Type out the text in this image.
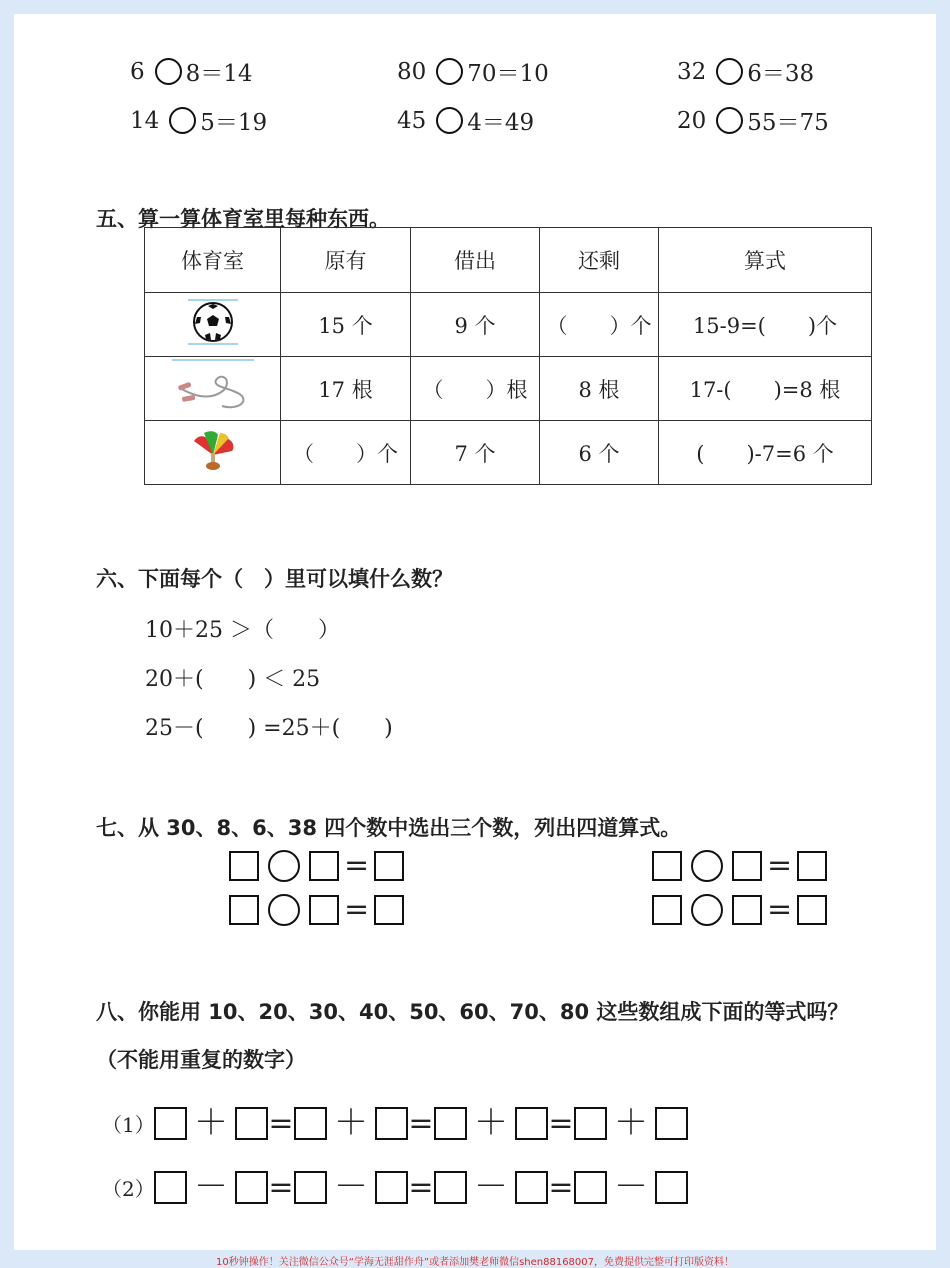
6 8＝14	80 70＝10	32 6＝38
14 5＝19	45 4＝49	20 55＝75
五、算一算体育室里每种东西。
体育室	原有	借出	还剩	算式
	15 个	9 个	（　　）个	15-9=(　　)个
	17 根	（　　）根	8 根	17-(　　)=8 根
	（　　）个	7 个	6 个	(　　)-7=6 个
六、下面每个（　）里可以填什么数？
10＋25 ＞（　　）
20＋(　　) ＜ 25
25－(　　) =25＋(　　)
七、从 30、8、6、38 四个数中选出三个数，列出四道算式。
=	=
=	=
八、你能用 10、20、30、40、50、60、70、80 这些数组成下面的等式吗？
（不能用重复的数字）
（1） ＋ = ＋ = ＋ = ＋
（2） － = － = － = －
10秒钟操作！关注微信公众号“学海无涯甜作舟”或者添加樊老师微信shen88168007，免费提供完整可打印版资料！
